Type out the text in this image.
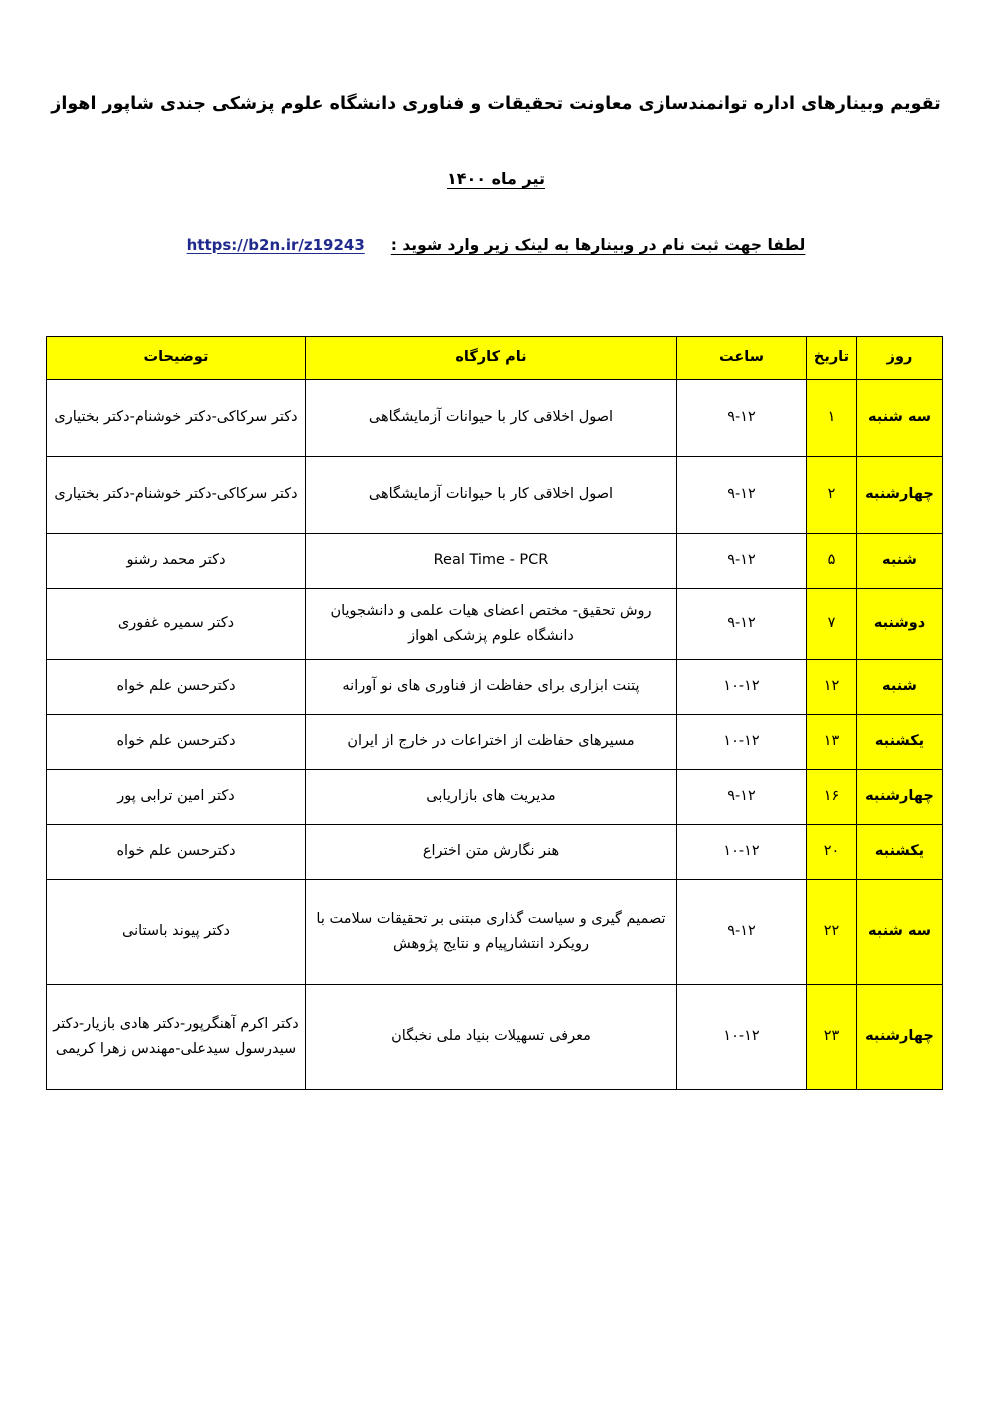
تقویم وبینارهای اداره توانمندسازی معاونت تحقیقات و فناوری دانشگاه علوم پزشکی جندی شاپور اهواز
تیر ماه ۱۴۰۰
لطفا جهت ثبت نام در وبینارها به لینک زیر وارد شوید : https://b2n.ir/z19243
روز	تاریخ	ساعت	نام کارگاه	توضیحات
سه شنبه	۱	۹-۱۲	اصول اخلاقی کار با حیوانات آزمایشگاهی	دکتر سرکاکی-دکتر خوشنام-دکتر بختیاری
چهارشنبه	۲	۹-۱۲	اصول اخلاقی کار با حیوانات آزمایشگاهی	دکتر سرکاکی-دکتر خوشنام-دکتر بختیاری
شنبه	۵	۹-۱۲	Real Time - PCR	دکتر محمد رشنو
دوشنبه	۷	۹-۱۲	روش تحقیق- مختص اعضای هیات علمی و دانشجویان دانشگاه علوم پزشکی اهواز	دکتر سمیره غفوری
شنبه	۱۲	۱۰-۱۲	پتنت ابزاری برای حفاظت از فناوری های نو آورانه	دکترحسن علم خواه
یکشنبه	۱۳	۱۰-۱۲	مسیرهای حفاظت از اختراعات در خارج از ایران	دکترحسن علم خواه
چهارشنبه	۱۶	۹-۱۲	مدیریت های بازاریابی	دکتر امین ترابی پور
یکشنبه	۲۰	۱۰-۱۲	هنر نگارش متن اختراع	دکترحسن علم خواه
سه شنبه	۲۲	۹-۱۲	تصمیم گیری و سیاست گذاری مبتنی بر تحقیقات سلامت با رویکرد انتشارپیام و نتایج پژوهش	دکتر پیوند باستانی
چهارشنبه	۲۳	۱۰-۱۲	معرفی تسهیلات بنیاد ملی نخبگان	دکتر اکرم آهنگرپور-دکتر هادی بازیار-دکتر سیدرسول سیدعلی-مهندس زهرا کریمی
